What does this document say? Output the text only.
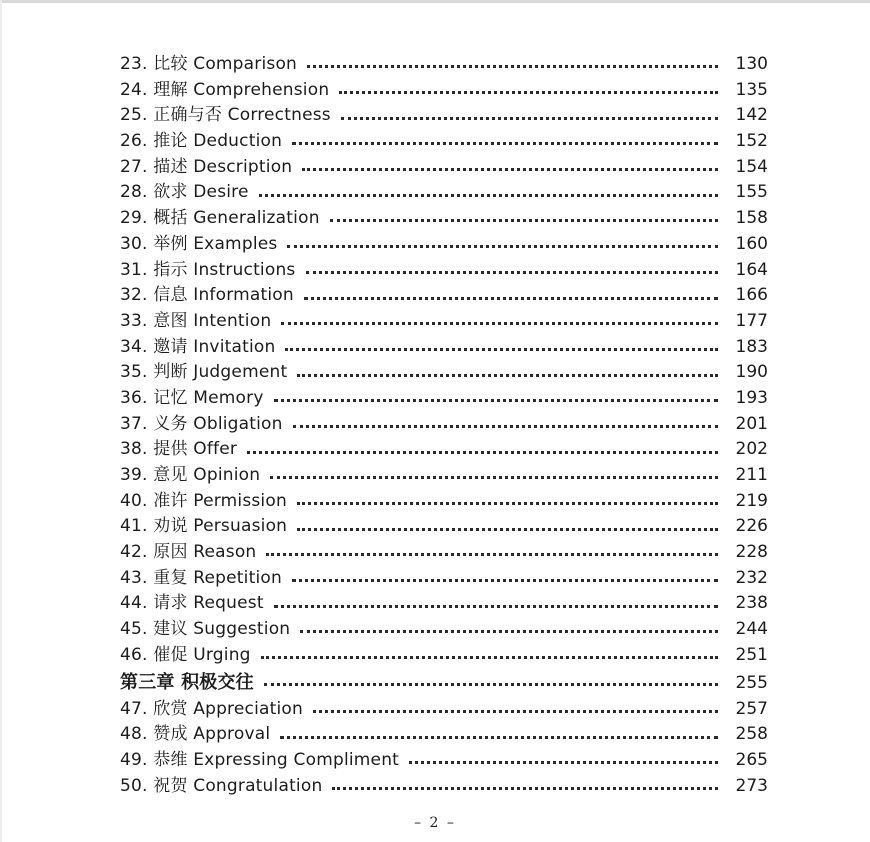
23. 比较 Comparison	130
24. 理解 Comprehension	135
25. 正确与否 Correctness	142
26. 推论 Deduction	152
27. 描述 Description	154
28. 欲求 Desire	155
29. 概括 Generalization	158
30. 举例 Examples	160
31. 指示 Instructions	164
32. 信息 Information	166
33. 意图 Intention	177
34. 邀请 Invitation	183
35. 判断 Judgement	190
36. 记忆 Memory	193
37. 义务 Obligation	201
38. 提供 Offer	202
39. 意见 Opinion	211
40. 准许 Permission	219
41. 劝说 Persuasion	226
42. 原因 Reason	228
43. 重复 Repetition	232
44. 请求 Request	238
45. 建议 Suggestion	244
46. 催促 Urging	251
第三章 积极交往	255
47. 欣赏 Appreciation	257
48. 赞成 Approval	258
49. 恭维 Expressing Compliment	265
50. 祝贺 Congratulation	273
– 2 –
